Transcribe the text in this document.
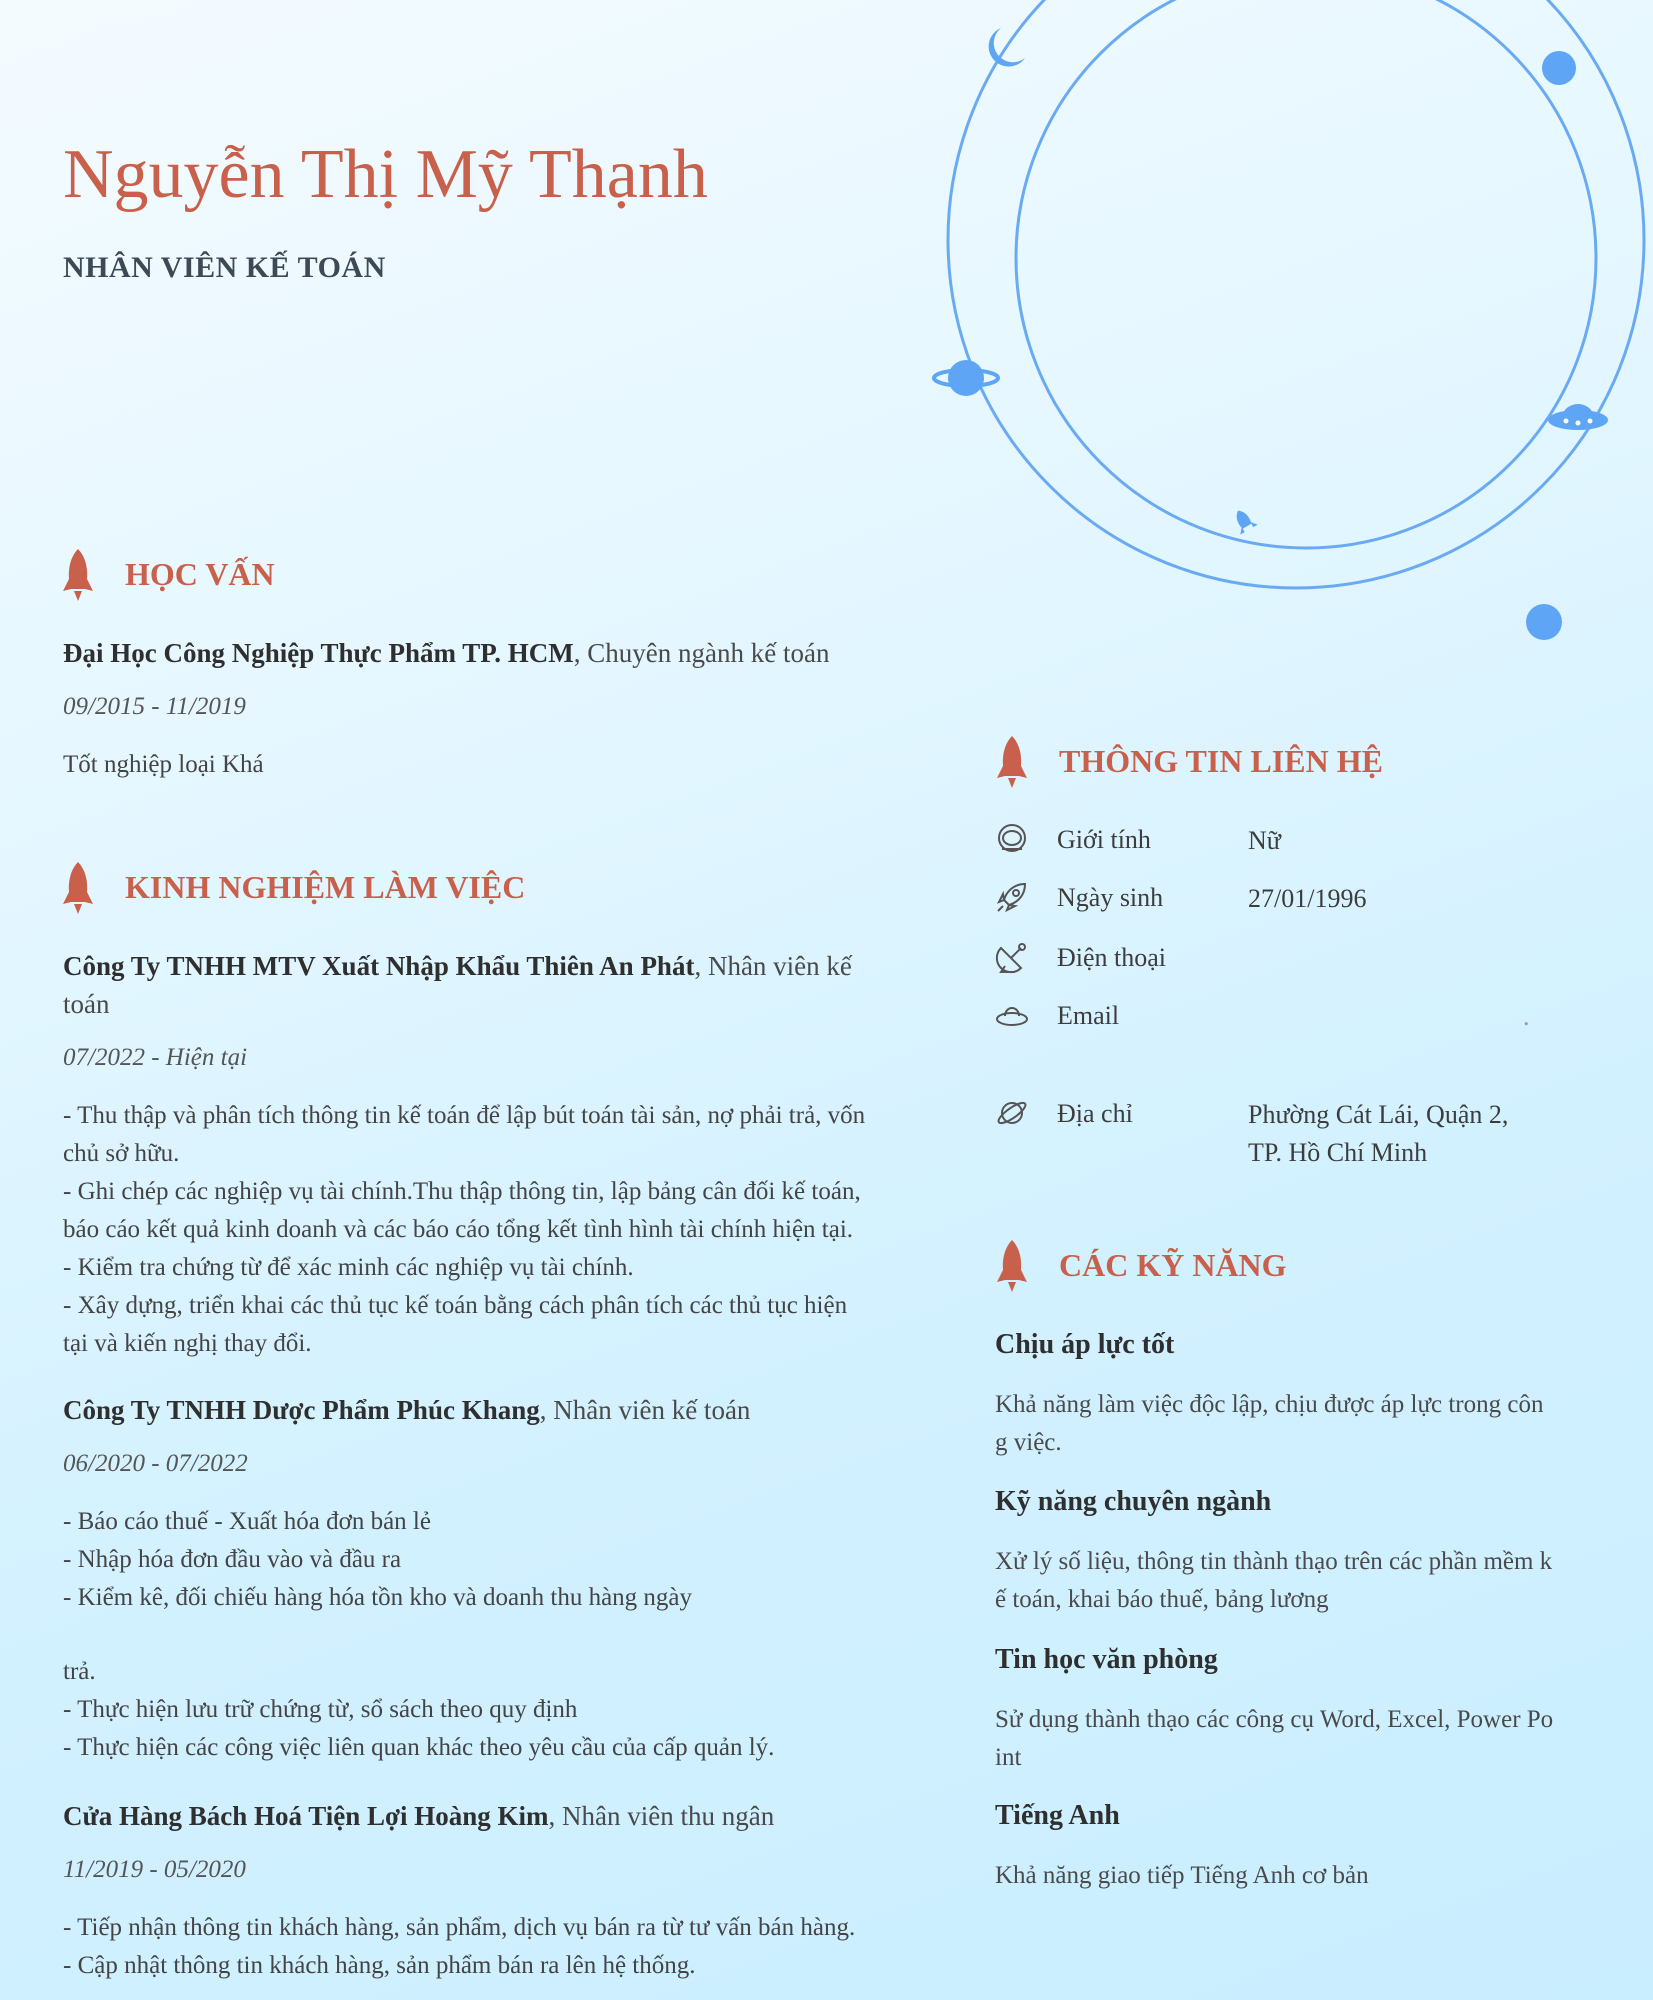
Nguyễn Thị Mỹ Thạnh
NHÂN VIÊN KẾ TOÁN
HỌC VẤN
Đại Học Công Nghiệp Thực Phẩm TP. HCM, Chuyên ngành kế toán
09/2015 - 11/2019
Tốt nghiệp loại Khá
KINH NGHIỆM LÀM VIỆC
Công Ty TNHH MTV Xuất Nhập Khẩu Thiên An Phát, Nhân viên kế
toán
07/2022 - Hiện tại
- Thu thập và phân tích thông tin kế toán để lập bút toán tài sản, nợ phải trả, vốn
chủ sở hữu.
- Ghi chép các nghiệp vụ tài chính.Thu thập thông tin, lập bảng cân đối kế toán,
báo cáo kết quả kinh doanh và các báo cáo tổng kết tình hình tài chính hiện tại.
- Kiểm tra chứng từ để xác minh các nghiệp vụ tài chính.
- Xây dựng, triển khai các thủ tục kế toán bằng cách phân tích các thủ tục hiện
tại và kiến nghị thay đổi.
Công Ty TNHH Dược Phẩm Phúc Khang, Nhân viên kế toán
06/2020 - 07/2022
- Báo cáo thuế - Xuất hóa đơn bán lẻ
- Nhập hóa đơn đầu vào và đầu ra
- Kiểm kê, đối chiếu hàng hóa tồn kho và doanh thu hàng ngày
trả.
- Thực hiện lưu trữ chứng từ, sổ sách theo quy định
- Thực hiện các công việc liên quan khác theo yêu cầu của cấp quản lý.
Cửa Hàng Bách Hoá Tiện Lợi Hoàng Kim, Nhân viên thu ngân
11/2019 - 05/2020
- Tiếp nhận thông tin khách hàng, sản phẩm, dịch vụ bán ra từ tư vấn bán hàng.
- Cập nhật thông tin khách hàng, sản phẩm bán ra lên hệ thống.
THÔNG TIN LIÊN HỆ
Giới tính	Nữ
Ngày sinh	27/01/1996
Điện thoại
Email	.
Địa chỉ	Phường Cát Lái, Quận 2,
TP. Hồ Chí Minh
CÁC KỸ NĂNG
Chịu áp lực tốt
Khả năng làm việc độc lập, chịu được áp lực trong côn
g việc.
Kỹ năng chuyên ngành
Xử lý số liệu, thông tin thành thạo trên các phần mềm k
ế toán, khai báo thuế, bảng lương
Tin học văn phòng
Sử dụng thành thạo các công cụ Word, Excel, Power Po
int
Tiếng Anh
Khả năng giao tiếp Tiếng Anh cơ bản
